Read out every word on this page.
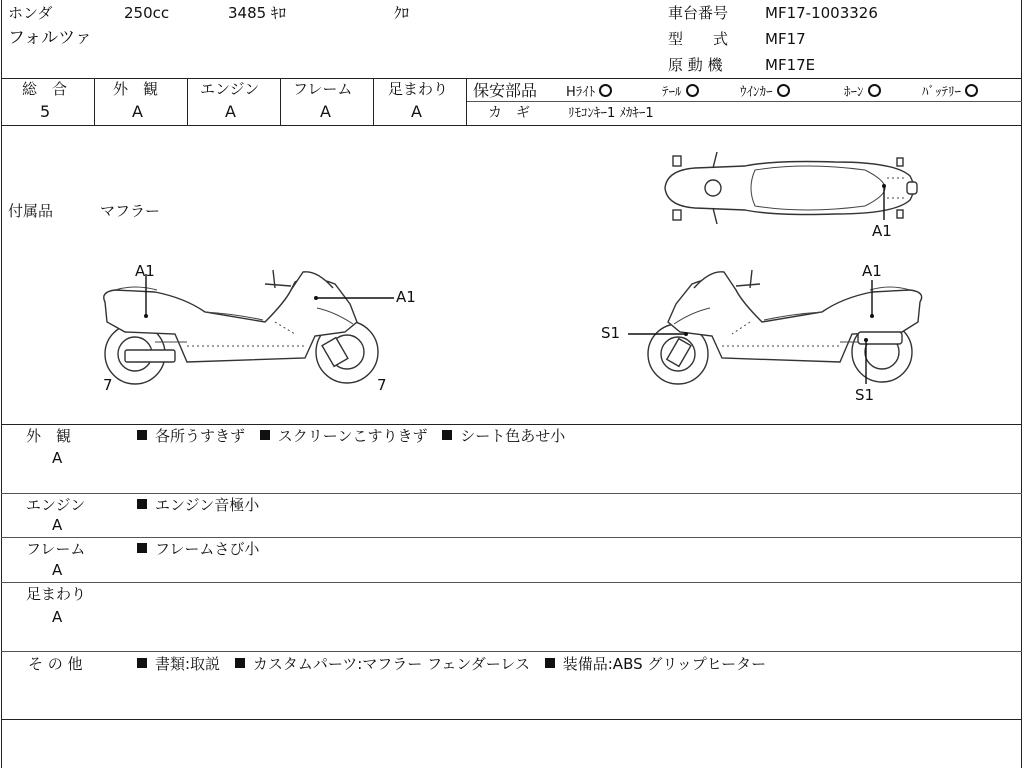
ホンダ	250cc	3485 ｷﾛ	ｸﾛ
フォルツァ
車台番号 MF17-1003326
型　　式 MF17
原 動 機	MF17E
総　合
5
外　観
A
エンジン
A
フレーム
A
足まわり
A
保安部品 Hﾗｲﾄ	ﾃｰﾙ	ｳｲﾝｶｰ	ﾎｰﾝ	ﾊﾞｯﾃﾘｰ
カ　ギ	ﾘﾓｺﾝｷｰ1 ﾒｶｷｰ1
付属品	マフラー
A1
A1
7	7
A1
A1
S1
S1
外　観
A
各所うすきず スクリーンこすりきず シート色あせ小
エンジン
A
エンジン音極小
フレーム
A
フレームさび小
足まわり
A
そ の 他	書類:取説 カスタムパーツ:マフラー フェンダーレス 装備品:ABS グリップヒーター
